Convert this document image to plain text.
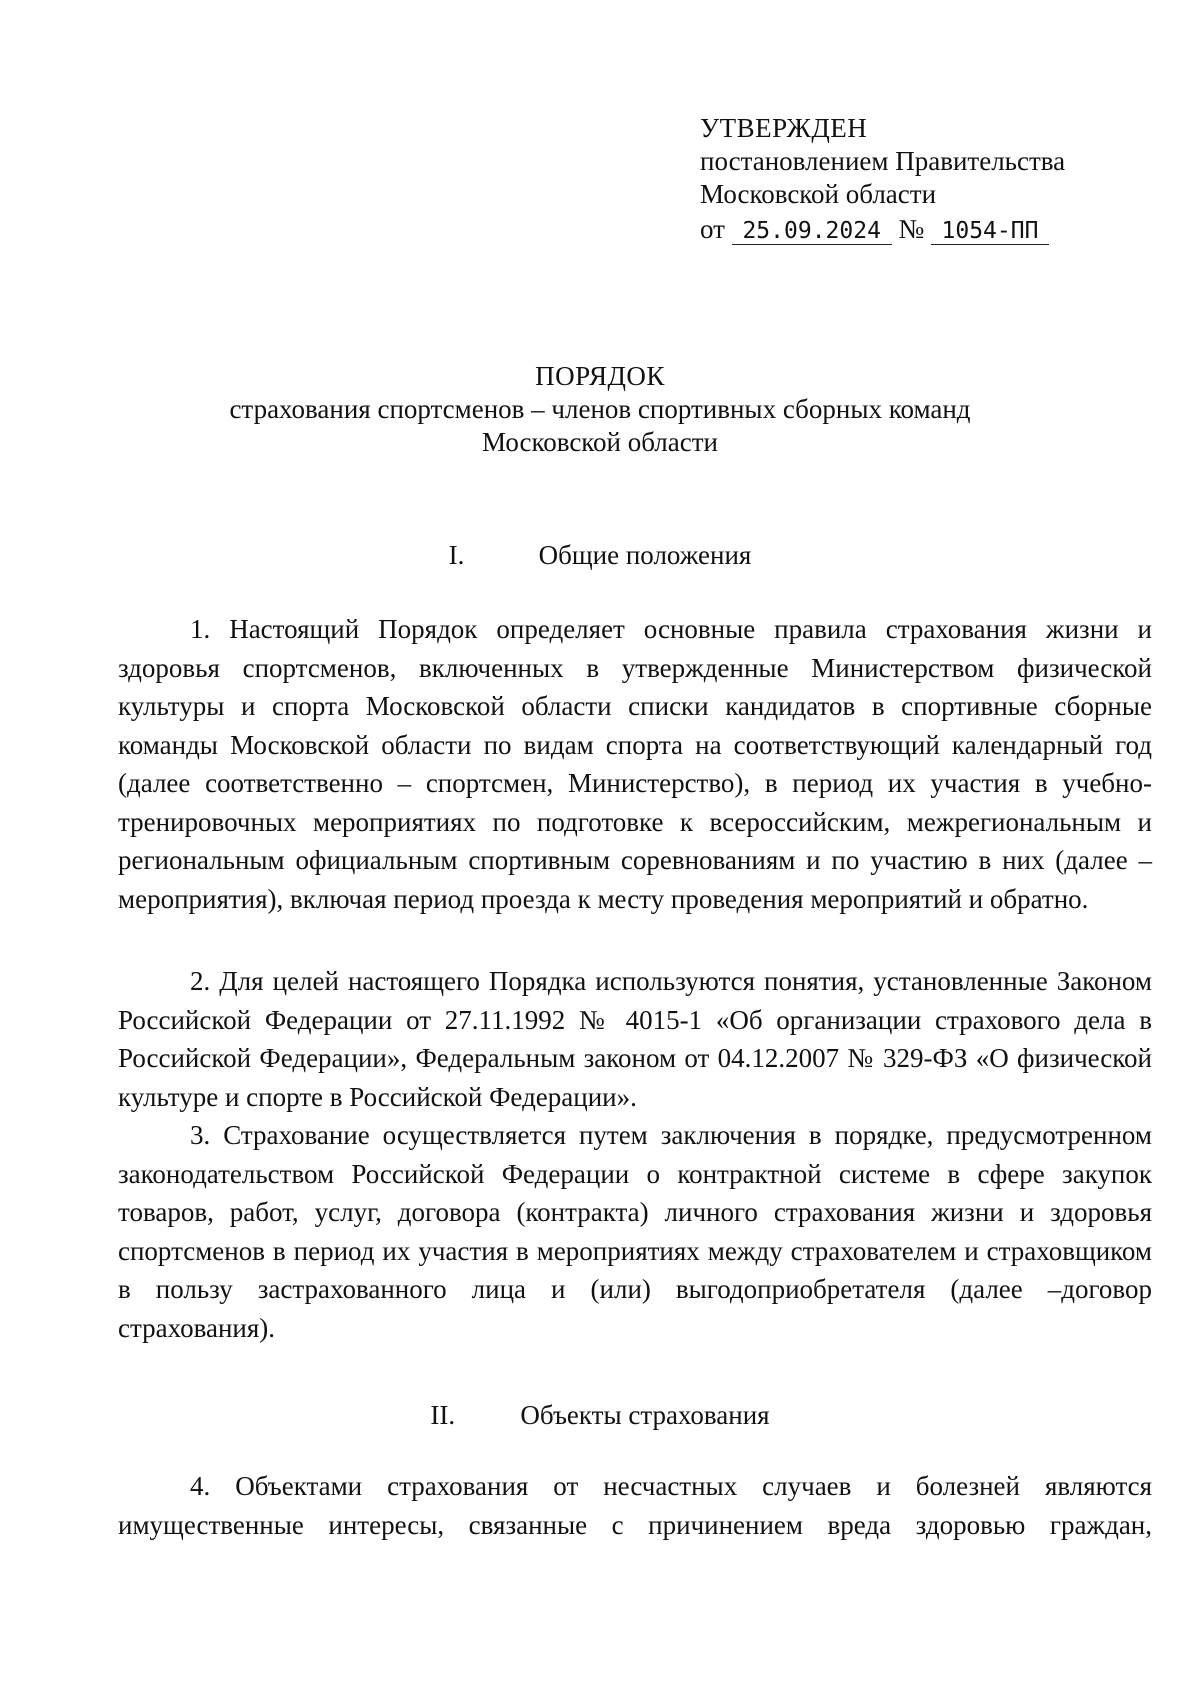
УТВЕРЖДЕН
постановлением Правительства
Московской области
от 25.09.2024 № 1054-ПП
ПОРЯДОК
страхования спортсменов – членов спортивных сборных команд
Московской области
I.	Общие положения

1. Настоящий Порядок определяет основные правила страхования жизни и здоровья спортсменов, включенных в утвержденные Министерством физической культуры и спорта Московской области списки кандидатов в спортивные сборные команды Московской области по видам спорта на соответствующий календарный год (далее соответственно – спортсмен, Министерство), в период их участия в учебно-тренировочных мероприятиях по подготовке к всероссийским, межрегиональным и региональным официальным спортивным соревнованиям и по участию в них (далее – мероприятия), включая период проезда к месту проведения мероприятий и обратно.

2. Для целей настоящего Порядка используются понятия, установленные Законом Российской Федерации от 27.11.1992 № 4015-1 «Об организации страхового дела в Российской Федерации», Федеральным законом от 04.12.2007 № 329-ФЗ «О физической культуре и спорте в Российской Федерации».

3. Страхование осуществляется путем заключения в порядке, предусмотренном законодательством Российской Федерации о контрактной системе в сфере закупок товаров, работ, услуг, договора (контракта) личного страхования жизни и здоровья спортсменов в период их участия в мероприятиях между страхователем и страховщиком в пользу застрахованного лица и (или) выгодоприобретателя (далее –договор страхования).

II. Объекты страхования

4. Объектами страхования от несчастных случаев и болезней являются имущественные интересы, связанные с причинением вреда здоровью граждан,
